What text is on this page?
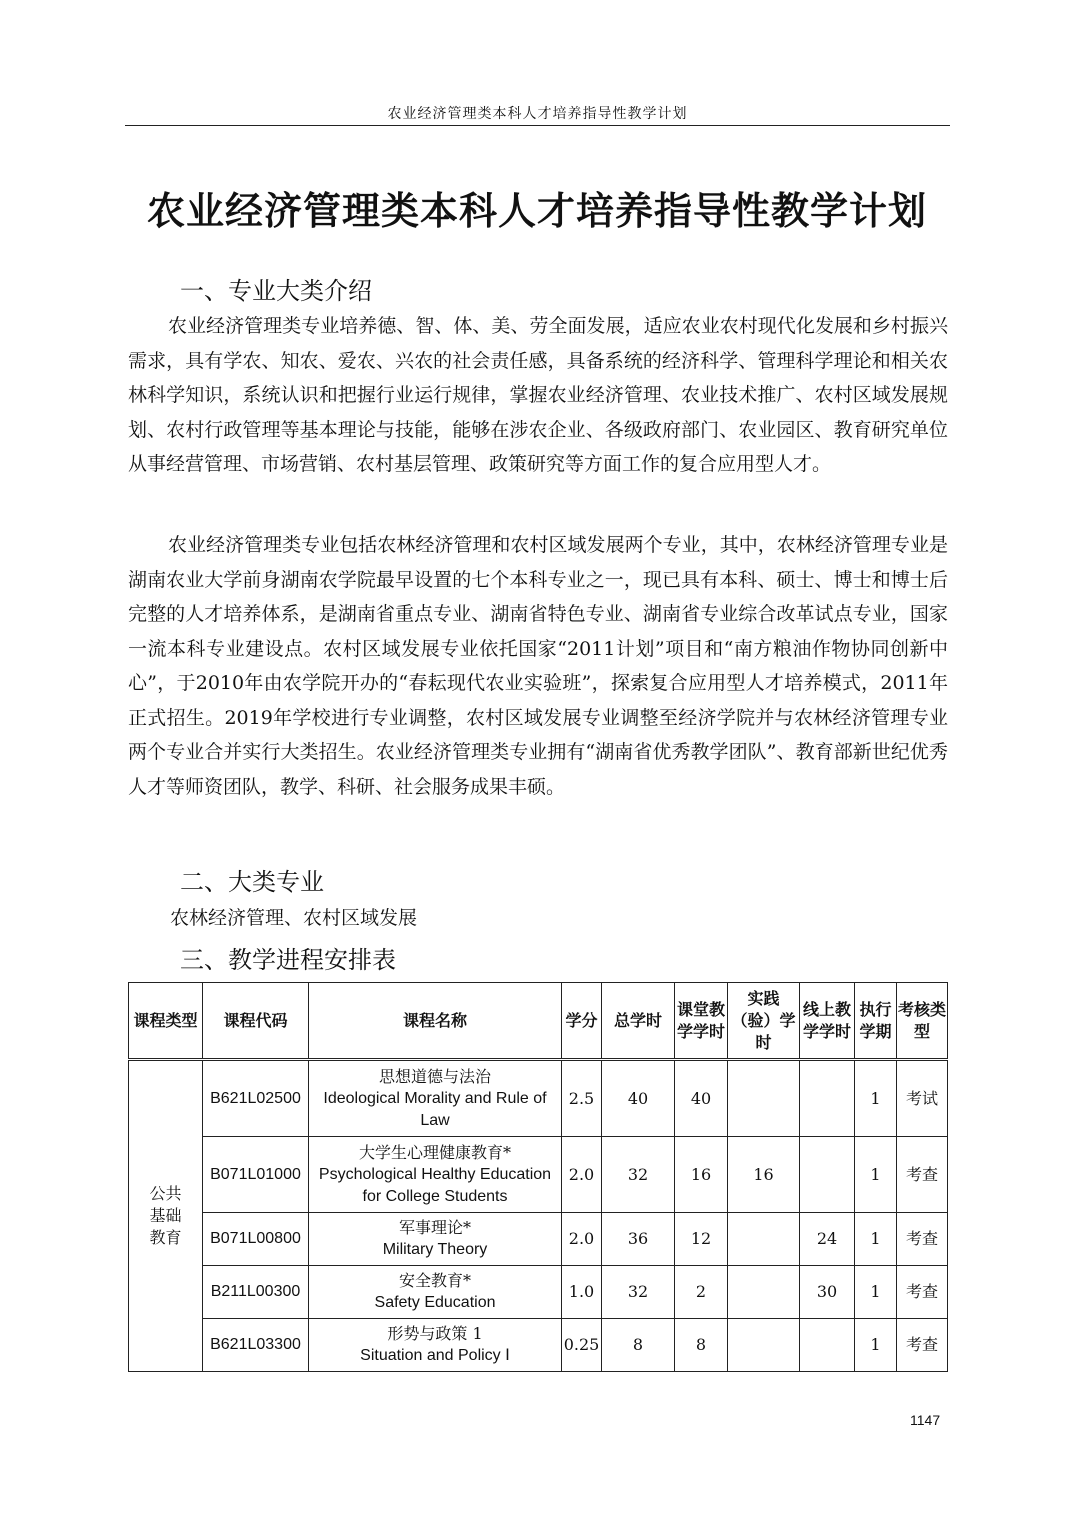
农业经济管理类本科人才培养指导性教学计划
农业经济管理类本科人才培养指导性教学计划
一、专业大类介绍
农业经济管理类专业培养德、智、体、美、劳全面发展，适应农业农村现代化发展和乡村振兴需求，具有学农、知农、爱农、兴农的社会责任感，具备系统的经济科学、管理科学理论和相关农林科学知识，系统认识和把握行业运行规律，掌握农业经济管理、农业技术推广、农村区域发展规划、农村行政管理等基本理论与技能，能够在涉农企业、各级政府部门、农业园区、教育研究单位从事经营管理、市场营销、农村基层管理、政策研究等方面工作的复合应用型人才。
农业经济管理类专业包括农林经济管理和农村区域发展两个专业，其中，农林经济管理专业是湖南农业大学前身湖南农学院最早设置的七个本科专业之一，现已具有本科、硕士、博士和博士后完整的人才培养体系，是湖南省重点专业、湖南省特色专业、湖南省专业综合改革试点专业，国家一流本科专业建设点。农村区域发展专业依托国家“2011计划”项目和“南方粮油作物协同创新中心”，于2010年由农学院开办的“春耘现代农业实验班”，探索复合应用型人才培养模式，2011年正式招生。2019年学校进行专业调整，农村区域发展专业调整至经济学院并与农林经济管理专业两个专业合并实行大类招生。农业经济管理类专业拥有“湖南省优秀教学团队”、教育部新世纪优秀人才等师资团队，教学、科研、社会服务成果丰硕。
二、大类专业
农林经济管理、农村区域发展
三、教学进程安排表
课程类型	课程代码	课程名称	学分	总学时	课堂教学学时	实践（验）学时	线上教学学时	执行学期	考核类型
公共基础教育	B621L02500	思想道德与法治
Ideological Morality and Rule of Law	2.5	40	40			1	考试
	B071L01000	大学生心理健康教育*
Psychological Healthy Education for College Students	2.0	32	16	16		1	考查
	B071L00800	军事理论*
Military Theory	2.0	36	12		24	1	考查
	B211L00300	安全教育*
Safety Education	1.0	32	2		30	1	考查
	B621L03300	形势与政策 1
Situation and Policy Ⅰ	0.25	8	8			1	考查
1147
